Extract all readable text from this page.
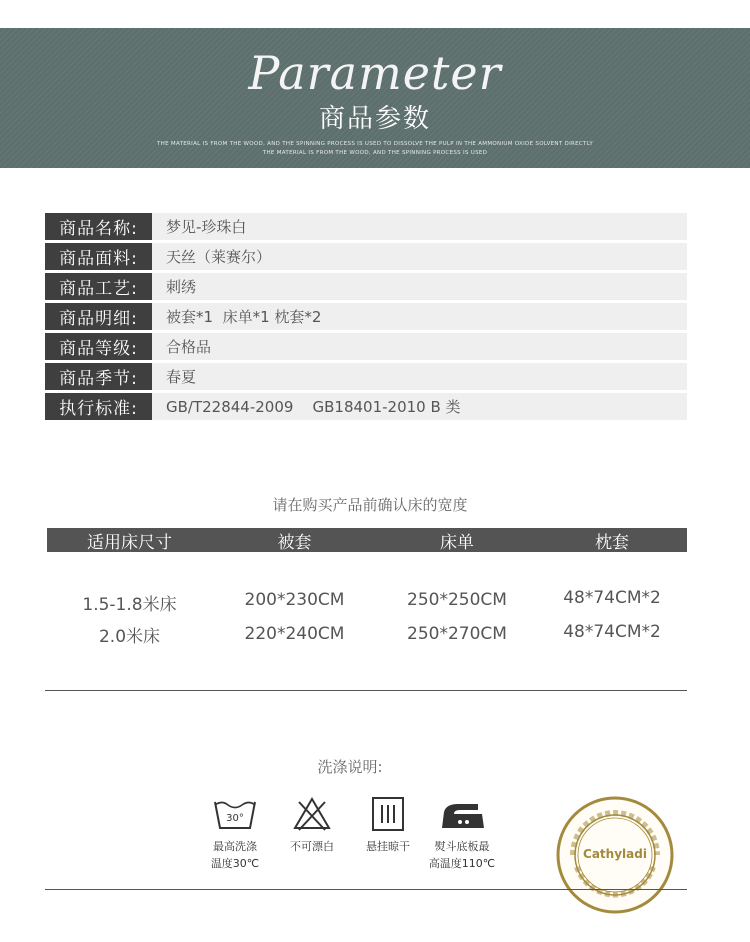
Parameter
商品参数
THE MATERIAL IS FROM THE WOOD, AND THE SPINNING PROCESS IS USED TO DISSOLVE THE PULP IN THE AMMONIUM OXIDE SOLVENT DIRECTLY
THE MATERIAL IS FROM THE WOOD, AND THE SPINNING PROCESS IS USED
商品名称:	梦见-珍珠白
商品面料:	天丝（莱赛尔）
商品工艺:	刺绣
商品明细:	被套*1  床单*1 枕套*2
商品等级:	合格品
商品季节:	春夏
执行标准:	GB/T22844-2009    GB18401-2010 B 类
请在购买产品前确认床的宽度
适用床尺寸	被套	床单	枕套
1.5-1.8米床	200*230CM	250*250CM	48*74CM*2
2.0米床	220*240CM	250*270CM	48*74CM*2
洗涤说明:
30°
最高洗涤
温度30℃
不可漂白	悬挂晾干	熨斗底板最
高温度110℃
Cathyladi
